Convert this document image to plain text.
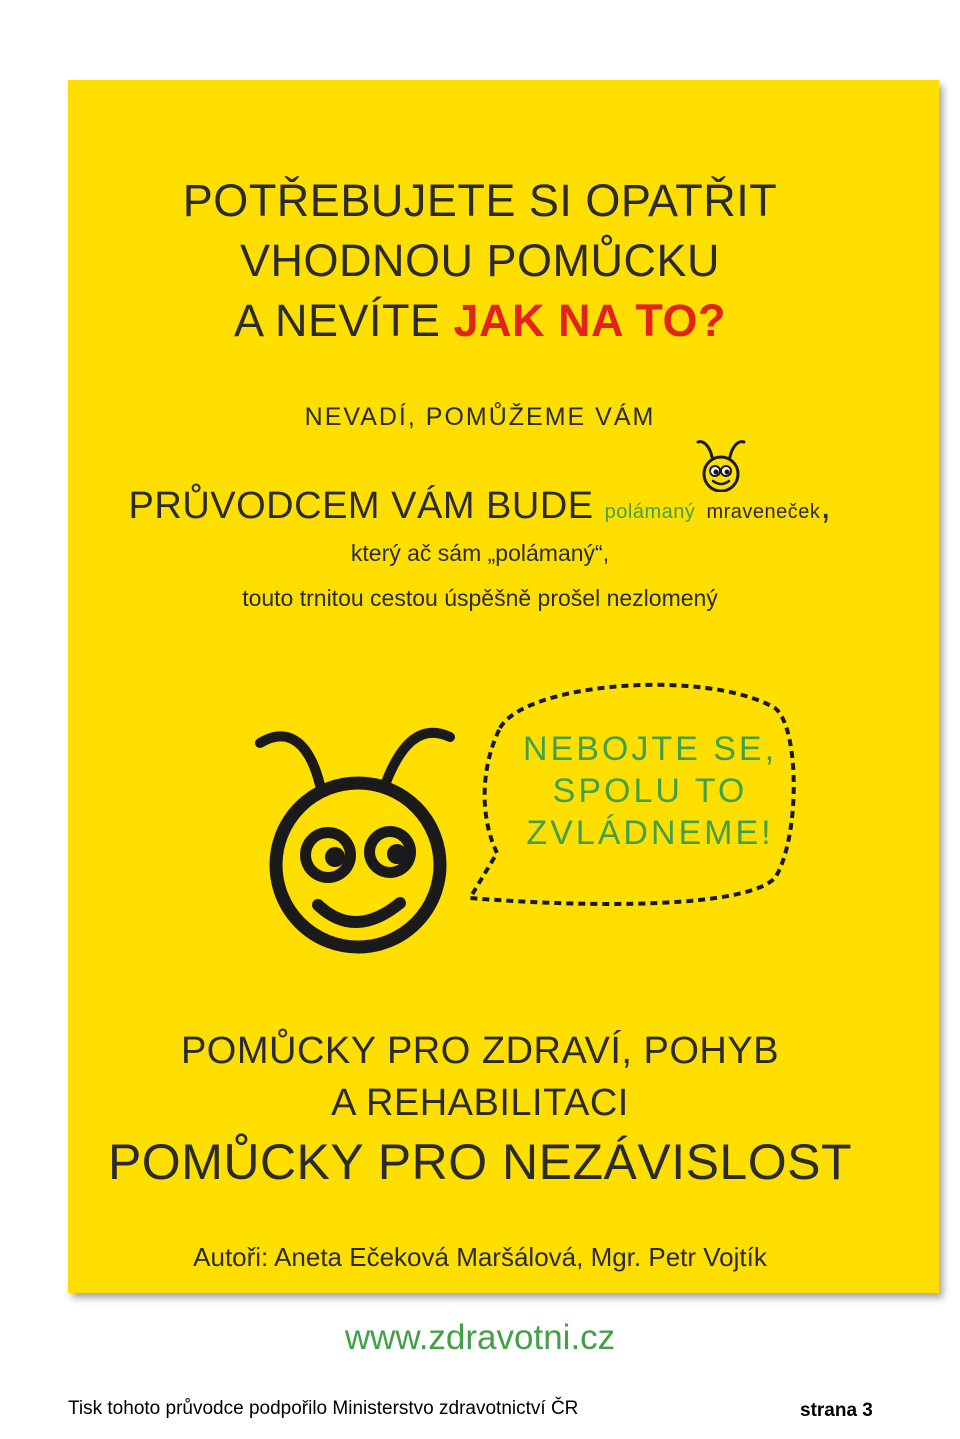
POTŘEBUJETE SI OPATŘIT
VHODNOU POMŮCKU
A NEVÍTE JAK NA TO?
NEVADÍ, POMŮŽEME VÁM
PRŮVODCEM VÁM BUDE polámaný mraveneček,
který ač sám „polámaný“,
touto trnitou cestou úspěšně prošel nezlomený
NEBOJTE SE,
SPOLU TO
ZVLÁDNEME!
POMŮCKY PRO ZDRAVÍ, POHYB
A REHABILITACI
POMŮCKY PRO NEZÁVISLOST
Autoři: Aneta Ečeková Maršálová, Mgr. Petr Vojtík
www.zdravotni.cz
Tisk tohoto průvodce podpořilo Ministerstvo zdravotnictví ČR	strana 3
